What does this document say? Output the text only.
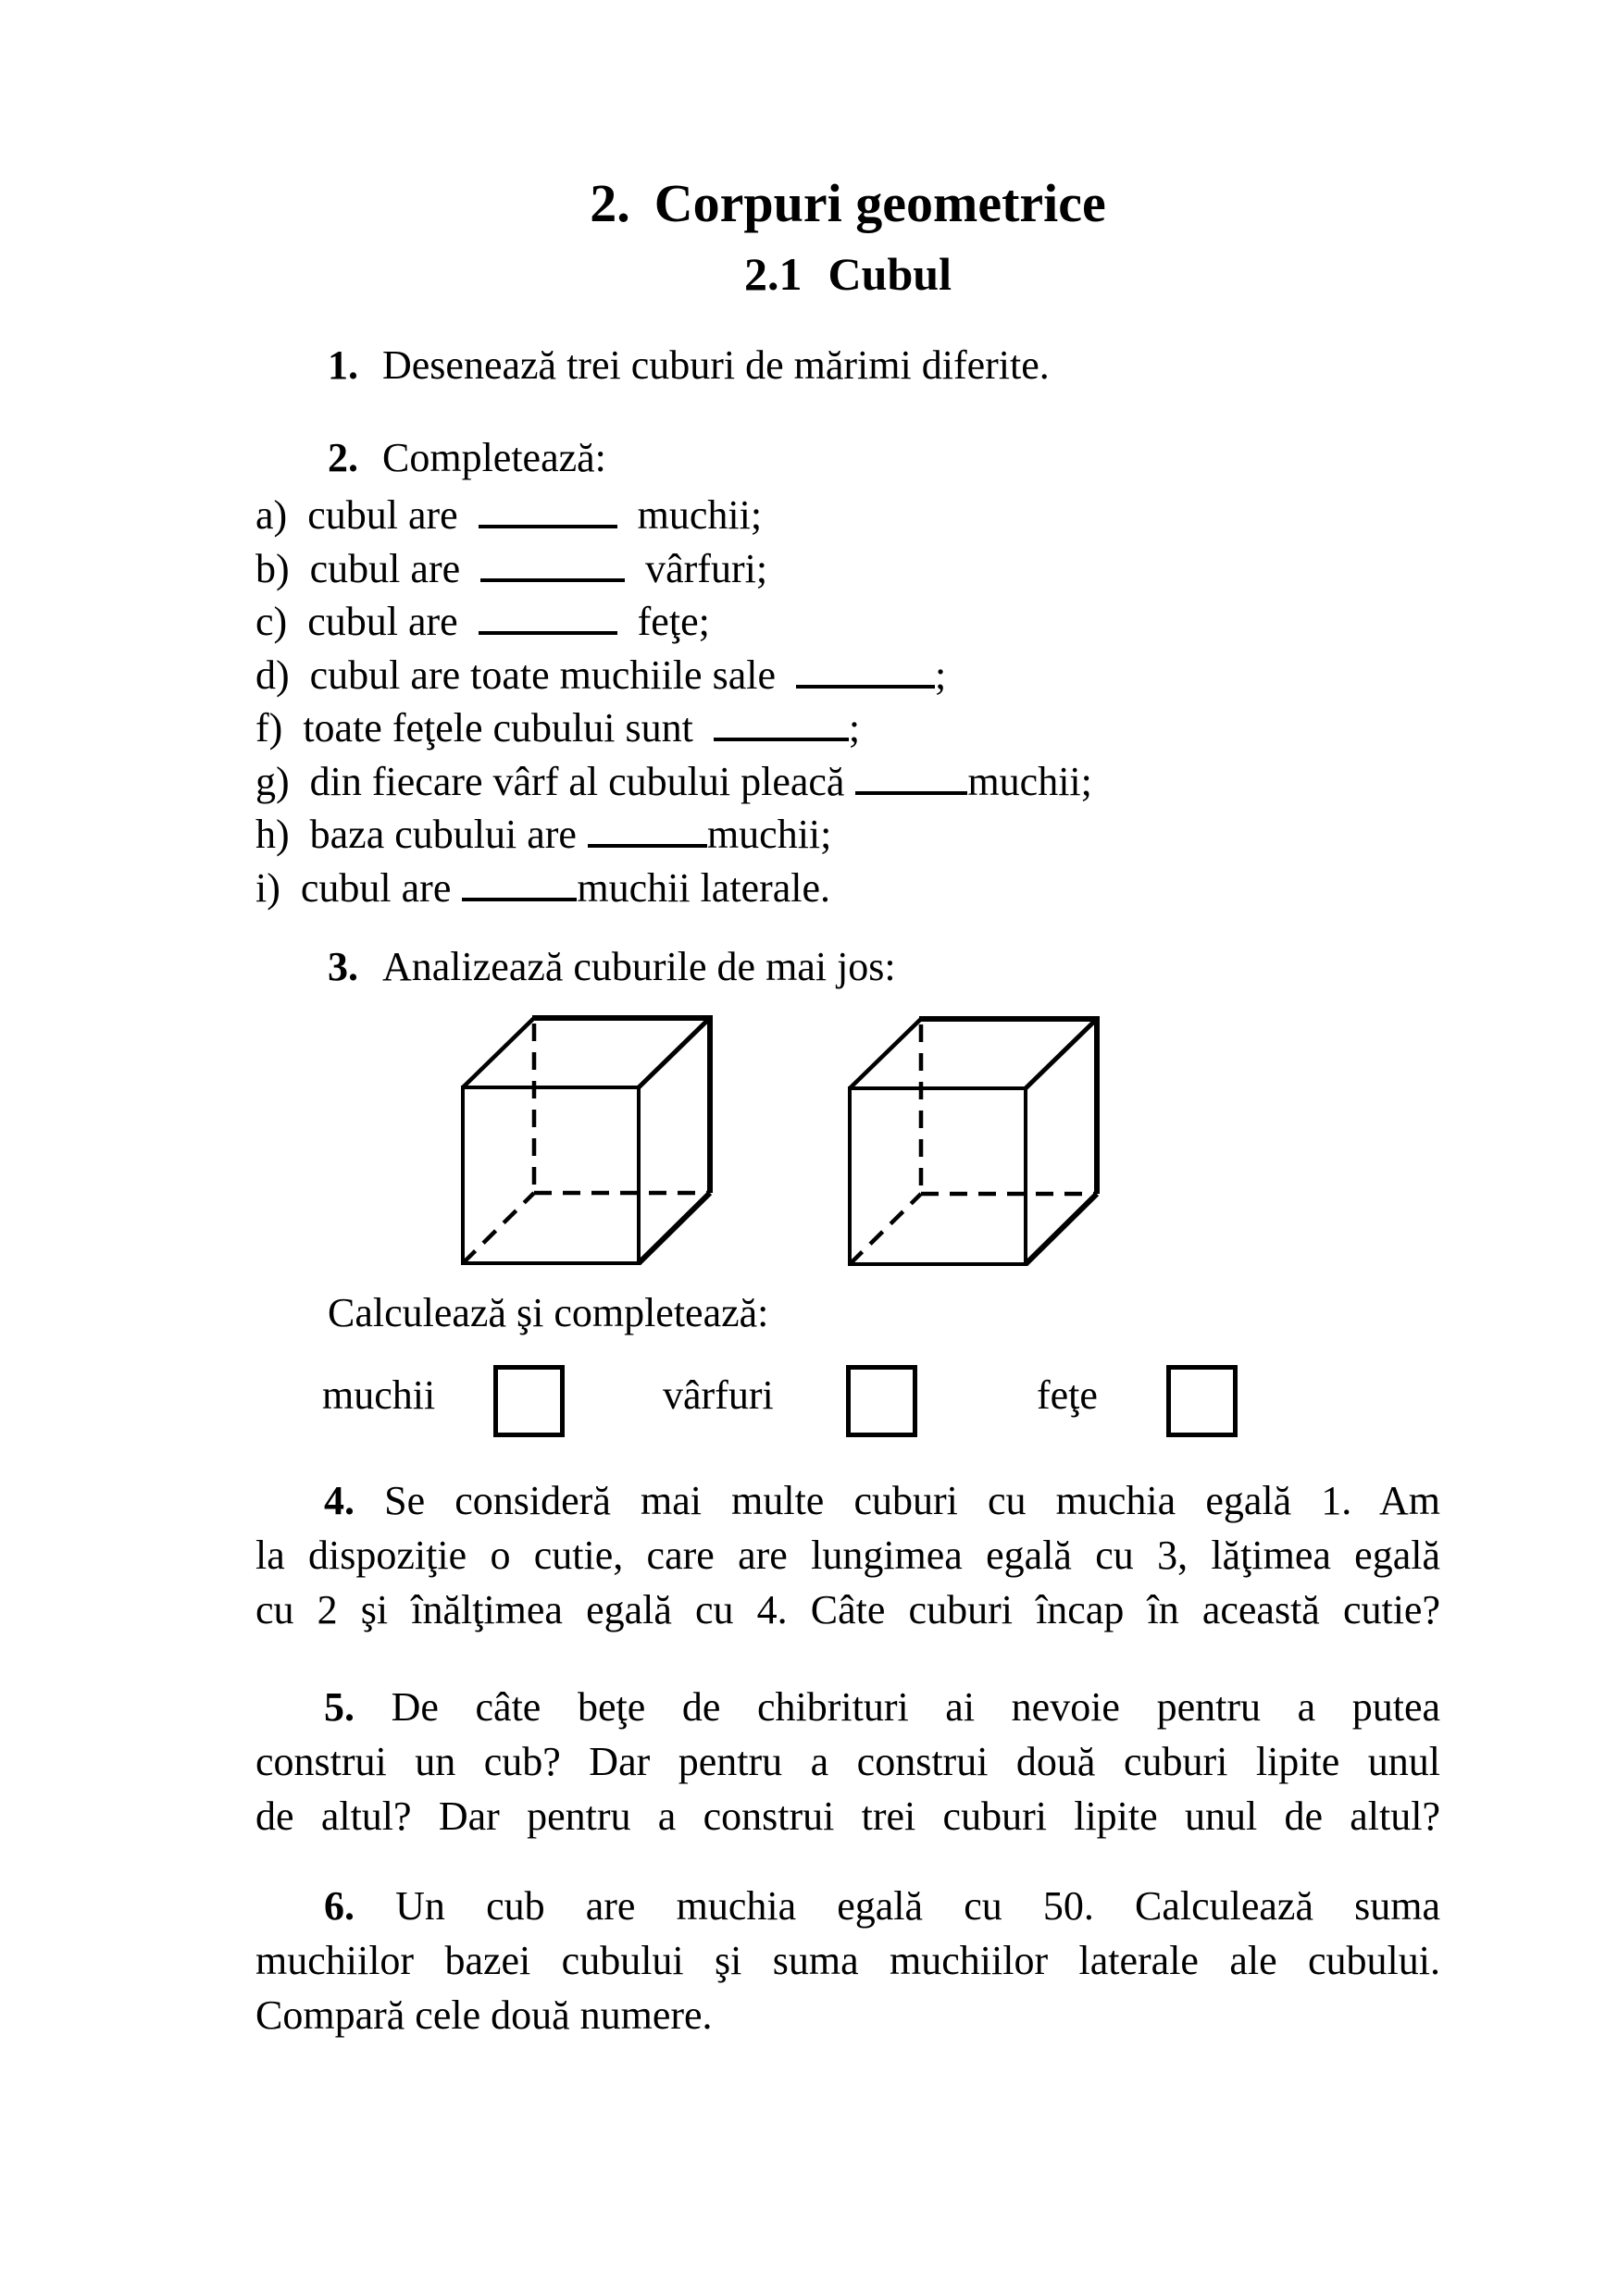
2. Corpuri geometrice
2.1 Cubul
1. Desenează trei cuburi de mărimi diferite.
2. Completează:
a) cubul are	muchii;
b) cubul are	vârfuri;
c) cubul are	feţe;
d) cubul are toate muchiile sale	;
f) toate feţele cubului sunt	;
g) din fiecare vârf al cubului pleacă	muchii;
h) baza cubului are	muchii;
i) cubul are	muchii laterale.
3. Analizează cuburile de mai jos:
Calculează şi completează:
muchii	vârfuri	feţe
4. Se consideră mai multe cuburi cu muchia egală 1. Am
la dispoziţie o cutie, care are lungimea egală cu 3, lăţimea egală
cu 2 şi înălţimea egală cu 4. Câte cuburi încap în această cutie?
5. De câte beţe de chibrituri ai nevoie pentru a putea
construi un cub? Dar pentru a construi două cuburi lipite unul
de altul? Dar pentru a construi trei cuburi lipite unul de altul?
6. Un cub are muchia egală cu 50. Calculează suma
muchiilor bazei cubului şi suma muchiilor laterale ale cubului.
Compară cele două numere.
